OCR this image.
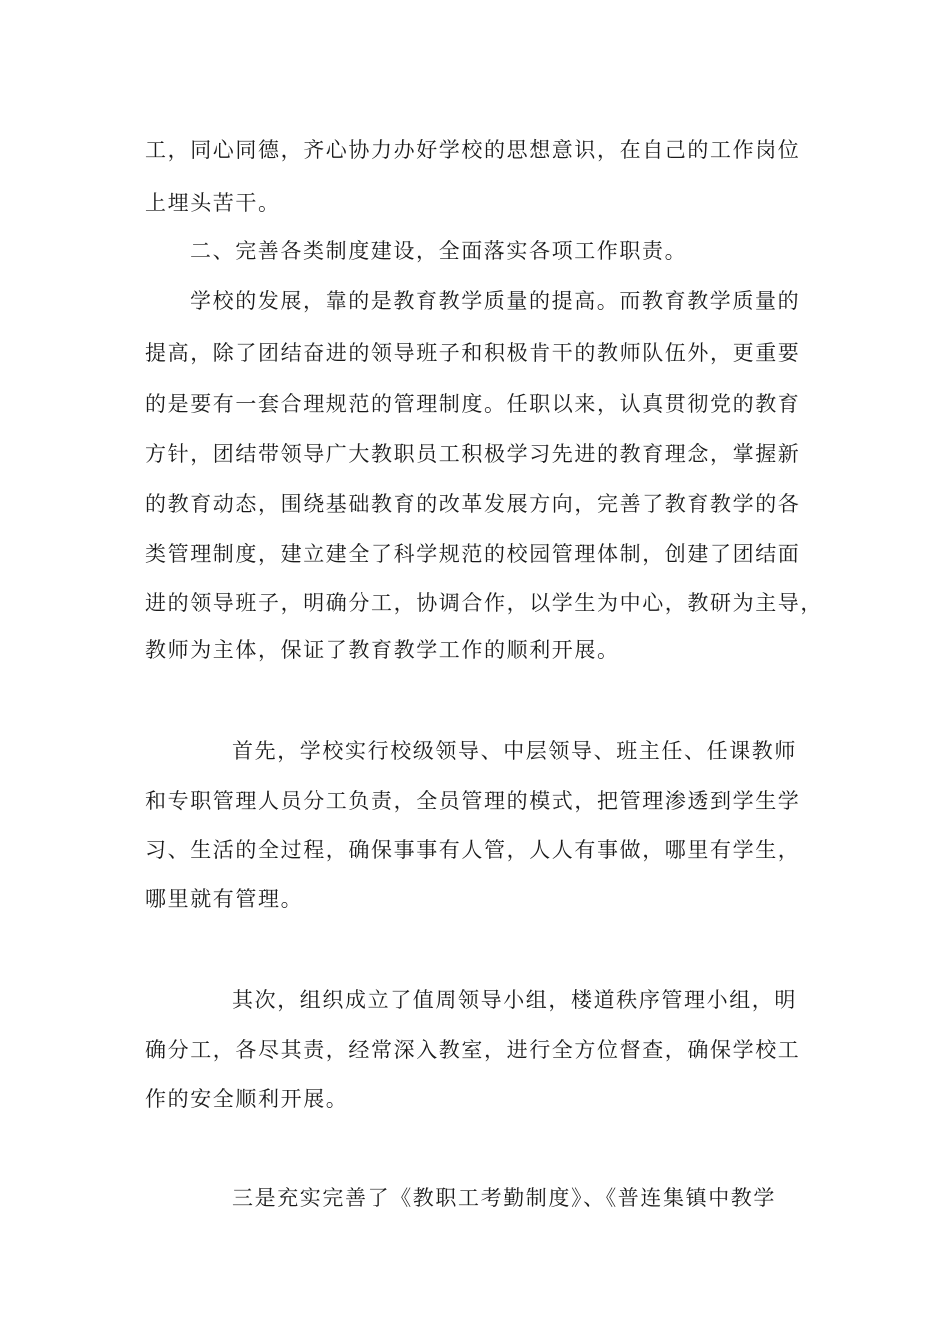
工，同心同德，齐心协力办好学校的思想意识，在自己的工作岗位
上埋头苦干。
二、完善各类制度建设，全面落实各项工作职责。
学校的发展，靠的是教育教学质量的提高。而教育教学质量的
提高，除了团结奋进的领导班子和积极肯干的教师队伍外，更重要
的是要有一套合理规范的管理制度。任职以来，认真贯彻党的教育
方针，团结带领导广大教职员工积极学习先进的教育理念，掌握新
的教育动态，围绕基础教育的改革发展方向，完善了教育教学的各
类管理制度，建立建全了科学规范的校园管理体制，创建了团结面
进的领导班子，明确分工，协调合作，以学生为中心，教研为主导，
教师为主体，保证了教育教学工作的顺利开展。
首先，学校实行校级领导、中层领导、班主任、任课教师
和专职管理人员分工负责，全员管理的模式，把管理渗透到学生学
习、生活的全过程，确保事事有人管，人人有事做，哪里有学生，
哪里就有管理。
其次，组织成立了值周领导小组，楼道秩序管理小组，明
确分工，各尽其责，经常深入教室，进行全方位督查，确保学校工
作的安全顺利开展。
三是充实完善了《教职工考勤制度》、《普连集镇中教学
